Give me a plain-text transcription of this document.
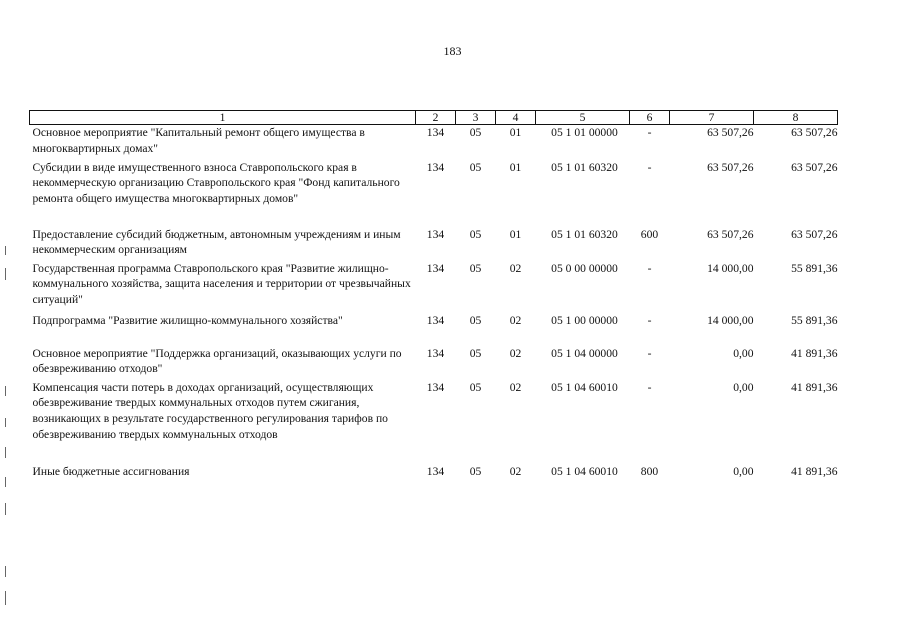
183
1	2	3	4	5	6	7	8
Основное мероприятие "Капитальный ремонт общего имущества в многоквартирных домах"	134	05	01	05 1 01 00000	-	63 507,26	63 507,26
Субсидии в виде имущественного взноса Ставропольского края в некоммерческую организацию Ставропольского края "Фонд капитального ремонта общего имущества многоквартирных домов"	134	05	01	05 1 01 60320	-	63 507,26	63 507,26
Предоставление субсидий бюджетным, автономным учреждениям и иным некоммерческим организациям	134	05	01	05 1 01 60320	600	63 507,26	63 507,26
Государственная программа Ставропольского края "Развитие жилищно-коммунального хозяйства, защита населения и территории от чрезвычайных ситуаций"	134	05	02	05 0 00 00000	-	14 000,00	55 891,36
Подпрограмма "Развитие жилищно-коммунального хозяйства"	134	05	02	05 1 00 00000	-	14 000,00	55 891,36
Основное мероприятие "Поддержка организаций, оказывающих услуги по обезвреживанию отходов"	134	05	02	05 1 04 00000	-	0,00	41 891,36
Компенсация части потерь в доходах организаций, осуществляющих обезвреживание твердых коммунальных отходов путем сжигания, возникающих в результате государственного регулирования тарифов по обезвреживанию твердых коммунальных отходов	134	05	02	05 1 04 60010	-	0,00	41 891,36
Иные бюджетные ассигнования	134	05	02	05 1 04 60010	800	0,00	41 891,36
